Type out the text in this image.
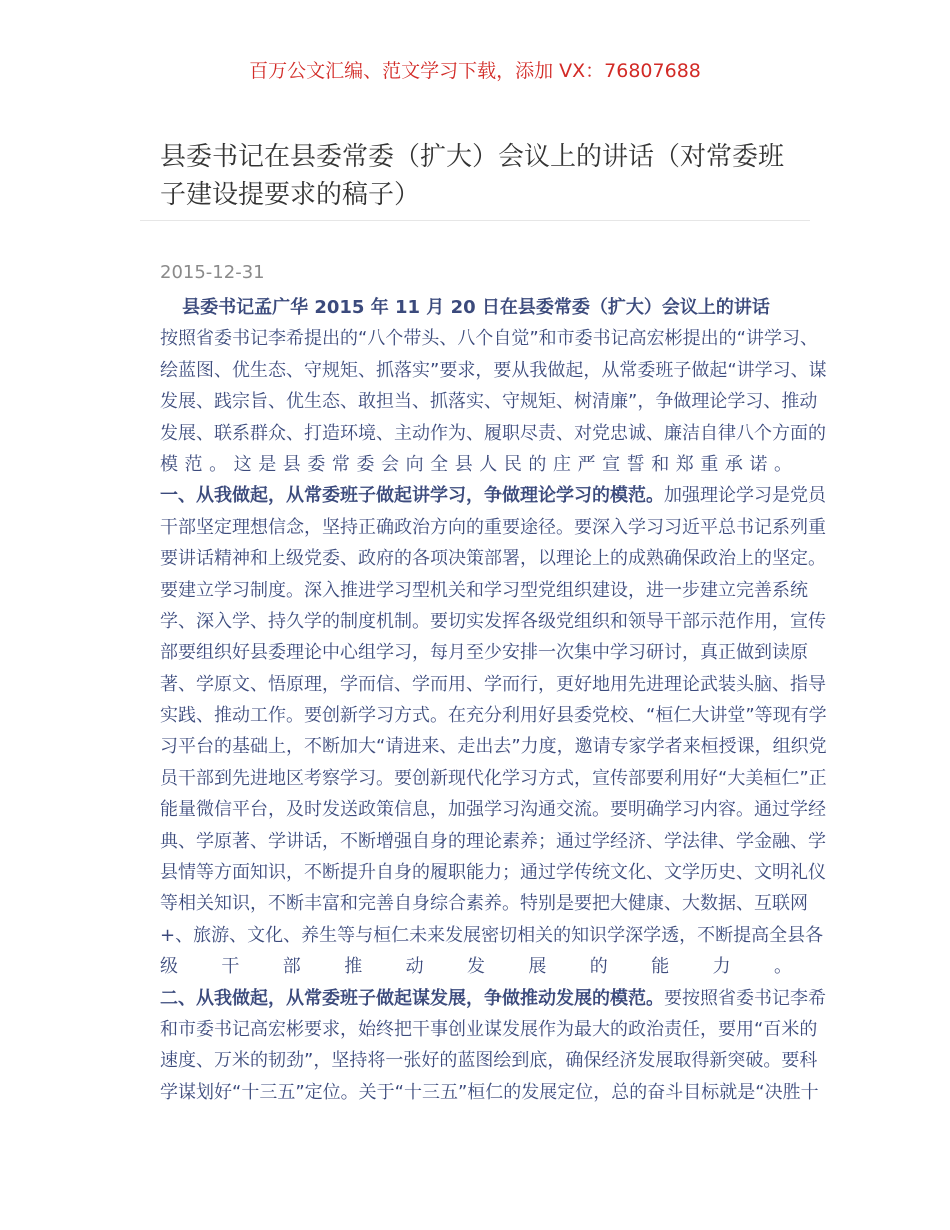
百万公文汇编、范文学习下载，添加 VX：76807688
县委书记在县委常委（扩大）会议上的讲话（对常委班子建设提要求的稿子）
2015-12-31
县委书记孟广华 2015 年 11 月 20 日在县委常委（扩大）会议上的讲话
按照省委书记李希提出的“八个带头、八个自觉”和市委书记高宏彬提出的“讲学习、
绘蓝图、优生态、守规矩、抓落实”要求，要从我做起，从常委班子做起“讲学习、谋
发展、践宗旨、优生态、敢担当、抓落实、守规矩、树清廉”，争做理论学习、推动
发展、联系群众、打造环境、主动作为、履职尽责、对党忠诚、廉洁自律八个方面的
模范。这是县委常委会向全县人民的庄严宣誓和郑重承诺。
一、从我做起，从常委班子做起讲学习，争做理论学习的模范。加强理论学习是党员
干部坚定理想信念，坚持正确政治方向的重要途径。要深入学习习近平总书记系列重
要讲话精神和上级党委、政府的各项决策部署，以理论上的成熟确保政治上的坚定。
要建立学习制度。深入推进学习型机关和学习型党组织建设，进一步建立完善系统
学、深入学、持久学的制度机制。要切实发挥各级党组织和领导干部示范作用，宣传
部要组织好县委理论中心组学习，每月至少安排一次集中学习研讨，真正做到读原
著、学原文、悟原理，学而信、学而用、学而行，更好地用先进理论武装头脑、指导
实践、推动工作。要创新学习方式。在充分利用好县委党校、“桓仁大讲堂”等现有学
习平台的基础上，不断加大“请进来、走出去”力度，邀请专家学者来桓授课，组织党
员干部到先进地区考察学习。要创新现代化学习方式，宣传部要利用好“大美桓仁”正
能量微信平台，及时发送政策信息，加强学习沟通交流。要明确学习内容。通过学经
典、学原著、学讲话，不断增强自身的理论素养；通过学经济、学法律、学金融、学
县情等方面知识，不断提升自身的履职能力；通过学传统文化、文学历史、文明礼仪
等相关知识，不断丰富和完善自身综合素养。特别是要把大健康、大数据、互联网
+、旅游、文化、养生等与桓仁未来发展密切相关的知识学深学透，不断提高全县各
级干部推动发展的能力。
二、从我做起，从常委班子做起谋发展，争做推动发展的模范。要按照省委书记李希
和市委书记高宏彬要求，始终把干事创业谋发展作为最大的政治责任，要用“百米的
速度、万米的韧劲”，坚持将一张好的蓝图绘到底，确保经济发展取得新突破。要科
学谋划好“十三五”定位。关于“十三五”桓仁的发展定位，总的奋斗目标就是“决胜十
